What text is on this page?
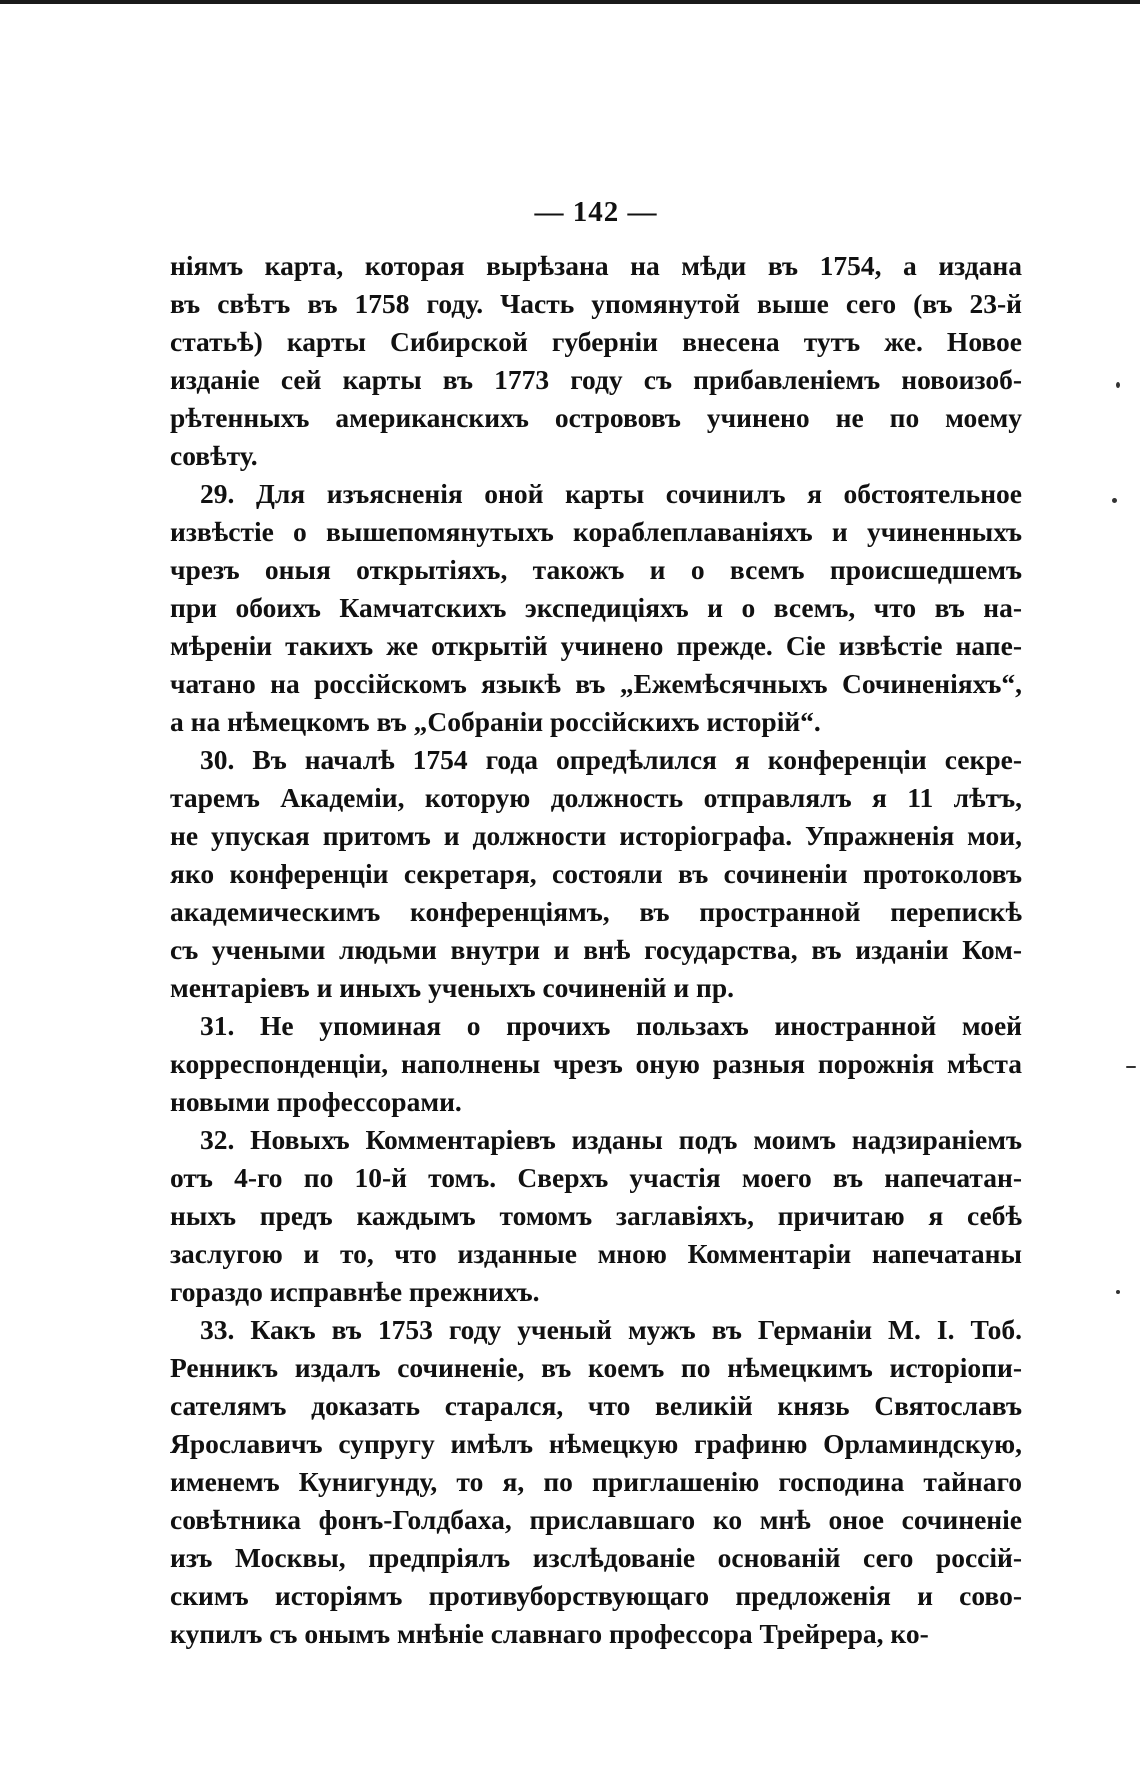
— 142 —
ніямъ карта, которая вырѣзана на мѣди въ 1754, а издана
въ свѣтъ въ 1758 году. Часть упомянутой выше сего (въ 23-й
статьѣ) карты Сибирской губерніи внесена тутъ же. Новое
изданіе сей карты въ 1773 году съ прибавленіемъ новоизоб-
рѣтенныхъ американскихъ острововъ учинено не по моему
совѣту.
29. Для изъясненія оной карты сочинилъ я обстоятельное
извѣстіе о вышепомянутыхъ кораблеплаваніяхъ и учиненныхъ
чрезъ оныя открытіяхъ, такожъ и о всемъ происшедшемъ
при обоихъ Камчатскихъ экспедиціяхъ и о всемъ, что въ на-
мѣреніи такихъ же открытій учинено прежде. Сіе извѣстіе напе-
чатано на россійскомъ языкѣ въ „Ежемѣсячныхъ Сочиненіяхъ“,
а на нѣмецкомъ въ „Собраніи россійскихъ исторій“.
30. Въ началѣ 1754 года опредѣлился я конференціи секре-
таремъ Академіи, которую должность отправлялъ я 11 лѣтъ,
не упуская притомъ и должности исторіографа. Упражненія мои,
яко конференціи секретаря, состояли въ сочиненіи протоколовъ
академическимъ конференціямъ, въ пространной перепискѣ
съ учеными людьми внутри и внѣ государства, въ изданіи Ком-
ментаріевъ и иныхъ ученыхъ сочиненій и пр.
31. Не упоминая о прочихъ пользахъ иностранной моей
корреспонденціи, наполнены чрезъ оную разныя порожнія мѣста
новыми профессорами.
32. Новыхъ Комментаріевъ изданы подъ моимъ надзираніемъ
отъ 4-го по 10-й томъ. Сверхъ участія моего въ напечатан-
ныхъ предъ каждымъ томомъ заглавіяхъ, причитаю я себѣ
заслугою и то, что изданные мною Комментаріи напечатаны
гораздо исправнѣе прежнихъ.
33. Какъ въ 1753 году ученый мужъ въ Германіи М. І. Тоб.
Ренникъ издалъ сочиненіе, въ коемъ по нѣмецкимъ исторіопи-
сателямъ доказать старался, что великій князь Святославъ
Ярославичъ супругу имѣлъ нѣмецкую графиню Орламиндскую,
именемъ Кунигунду, то я, по приглашенію господина тайнаго
совѣтника фонъ-Голдбаха, приславшаго ко мнѣ оное сочиненіе
изъ Москвы, предпріялъ изслѣдованіе основаній сего россій-
скимъ исторіямъ противуборствующаго предложенія и сово-
купилъ съ онымъ мнѣніе славнаго профессора Трейрера, ко-
